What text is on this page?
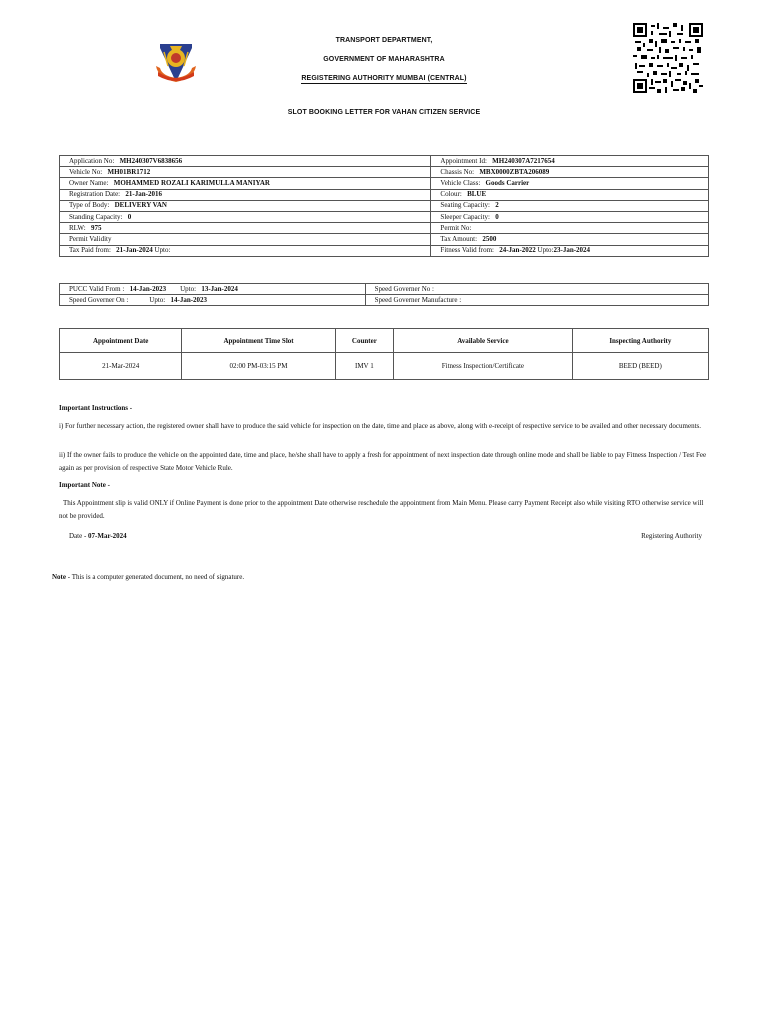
TRANSPORT DEPARTMENT,
GOVERNMENT OF MAHARASHTRA
REGISTERING AUTHORITY MUMBAI (CENTRAL)
SLOT BOOKING LETTER FOR VAHAN CITIZEN SERVICE
Application No: MH240307V6838656	Appointment Id: MH240307A7217654
Vehicle No: MH01BR1712	Chassis No: MBX0000ZBTA206089
Owner Name: MOHAMMED ROZALI KARIMULLA MANIYAR	Vehicle Class: Goods Carrier
Registration Date: 21-Jan-2016	Colour: BLUE
Type of Body: DELIVERY VAN	Seating Capacity: 2
Standing Capacity: 0	Sleeper Capacity: 0
RLW: 975	Permit No:
Permit Validity	Tax Amount: 2500
Tax Paid from: 21-Jan-2024 Upto:	Fitness Valid from: 24-Jan-2022 Upto:23-Jan-2024
PUCC Valid From : 14-Jan-2023 Upto: 13-Jan-2024	Speed Governer No :
Speed Governer On : Upto: 14-Jan-2023	Speed Governer Manufacture :
Appointment Date	Appointment Time Slot	Counter	Available Service	Inspecting Authority
21-Mar-2024	02:00 PM-03:15 PM	IMV 1	Fitness Inspection/Certificate	BEED (BEED)
Important Instructions -
i) For further necessary action, the registered owner shall have to produce the said vehicle for inspection on the date, time and place as above, along with e-receipt of respective service to be availed and other necessary documents.
ii) If the owner fails to produce the vehicle on the appointed date, time and place, he/she shall have to apply a fresh for appointment of next inspection date through online mode and shall be liable to pay Fitness Inspection / Test Fee again as per provision of respective State Motor Vehicle Rule.
Important Note -
This Appointment slip is valid ONLY if Online Payment is done prior to the appointment Date otherwise reschedule the appointment from Main Menu. Please carry Payment Receipt also while visiting RTO otherwise service will not be provided.
Date - 07-Mar-2024	Registering Authority
Note - This is a computer generated document, no need of signature.
